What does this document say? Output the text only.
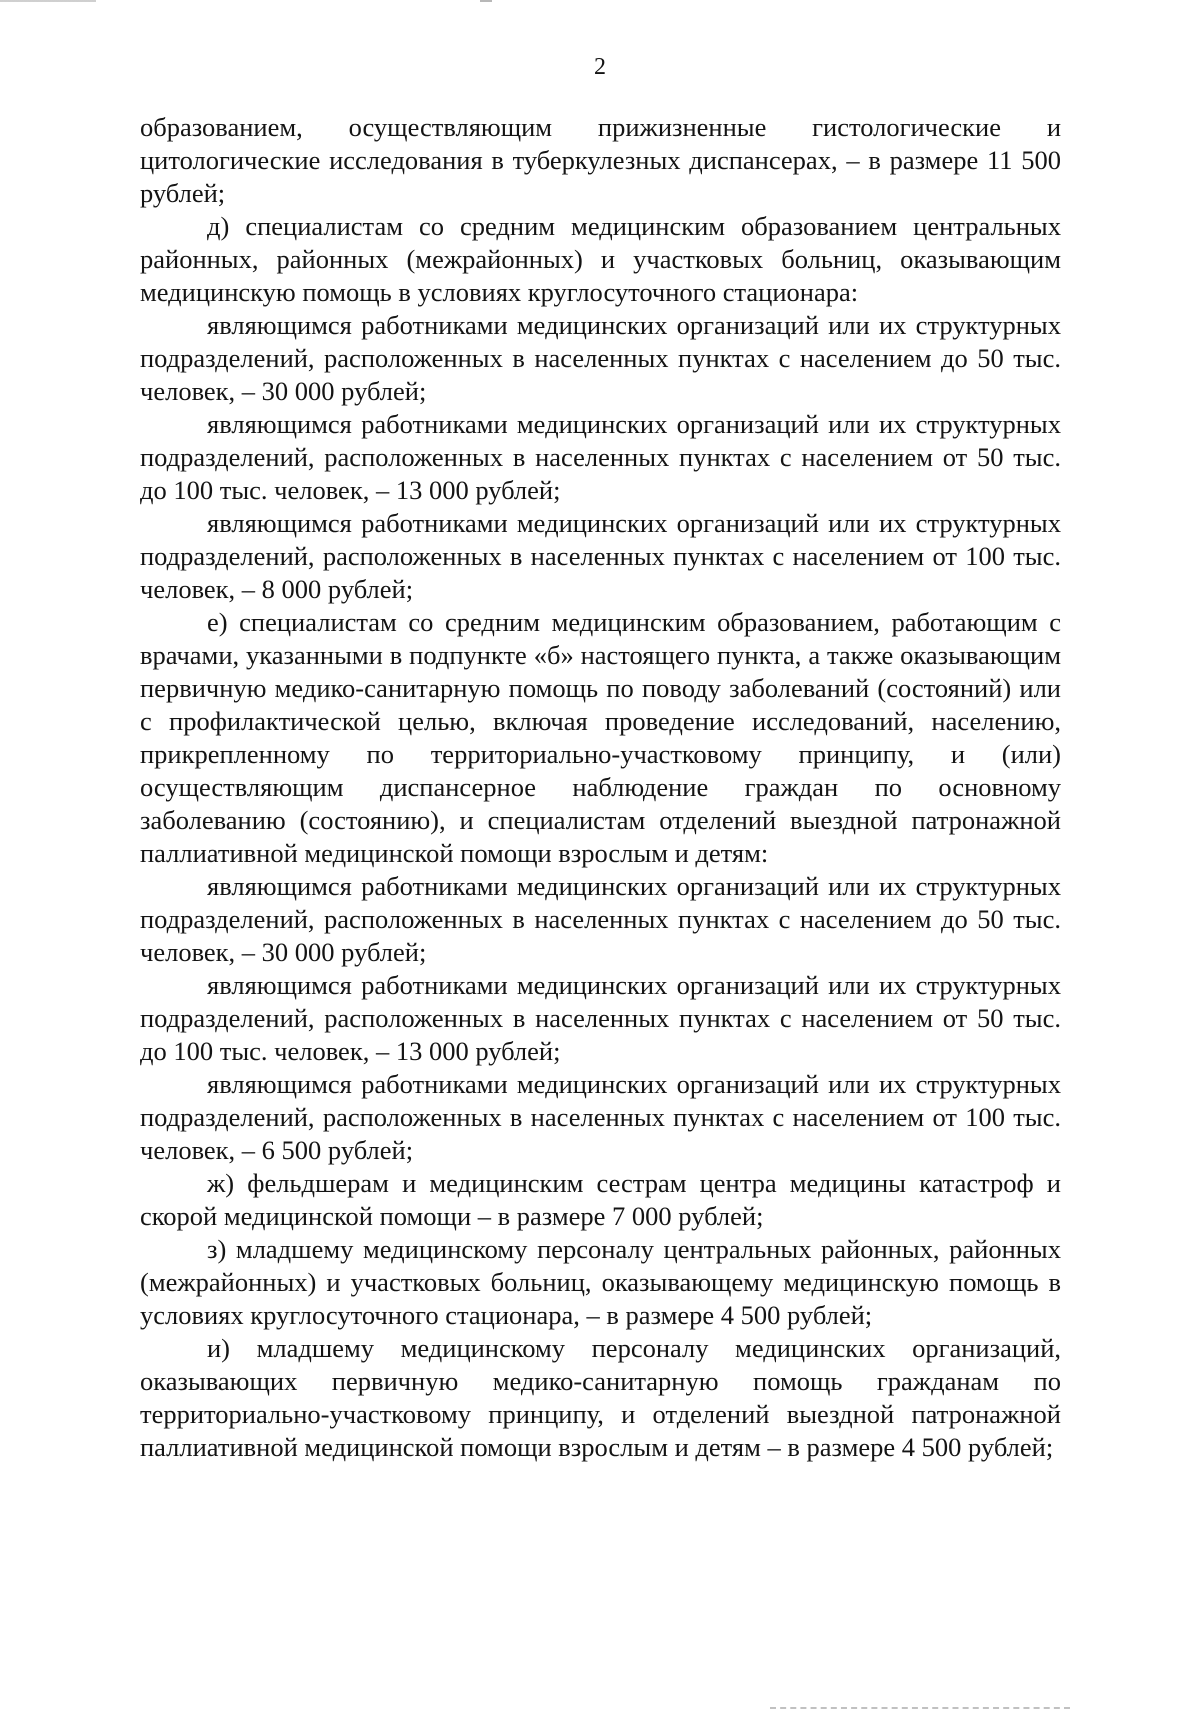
2

образованием, осуществляющим прижизненные гистологические и цитологические исследования в туберкулезных диспансерах, – в размере 11 500 рублей;

д) специалистам со средним медицинским образованием центральных районных, районных (межрайонных) и участковых больниц, оказывающим медицинскую помощь в условиях круглосуточного стационара:

являющимся работниками медицинских организаций или их структурных подразделений, расположенных в населенных пунктах с населением до 50 тыс. человек, – 30 000 рублей;

являющимся работниками медицинских организаций или их структурных подразделений, расположенных в населенных пунктах с населением от 50 тыс. до 100 тыс. человек, – 13 000 рублей;

являющимся работниками медицинских организаций или их структурных подразделений, расположенных в населенных пунктах с населением от 100 тыс. человек, – 8 000 рублей;

е) специалистам со средним медицинским образованием, работающим с врачами, указанными в подпункте «б» настоящего пункта, а также оказывающим первичную медико-санитарную помощь по поводу заболеваний (состояний) или с профилактической целью, включая проведение исследований, населению, прикрепленному по территориально-участковому принципу, и (или) осуществляющим диспансерное наблюдение граждан по основному заболеванию (состоянию), и специалистам отделений выездной патронажной паллиативной медицинской помощи взрослым и детям:

являющимся работниками медицинских организаций или их структурных подразделений, расположенных в населенных пунктах с населением до 50 тыс. человек, – 30 000 рублей;

являющимся работниками медицинских организаций или их структурных подразделений, расположенных в населенных пунктах с населением от 50 тыс. до 100 тыс. человек, – 13 000 рублей;

являющимся работниками медицинских организаций или их структурных подразделений, расположенных в населенных пунктах с населением от 100 тыс. человек, – 6 500 рублей;

ж) фельдшерам и медицинским сестрам центра медицины катастроф и скорой медицинской помощи – в размере 7 000 рублей;

з) младшему медицинскому персоналу центральных районных, районных (межрайонных) и участковых больниц, оказывающему медицинскую помощь в условиях круглосуточного стационара, – в размере 4 500 рублей;

и) младшему медицинскому персоналу медицинских организаций, оказывающих первичную медико-санитарную помощь гражданам по территориально-участковому принципу, и отделений выездной патронажной паллиативной медицинской помощи взрослым и детям – в размере 4 500 рублей;
